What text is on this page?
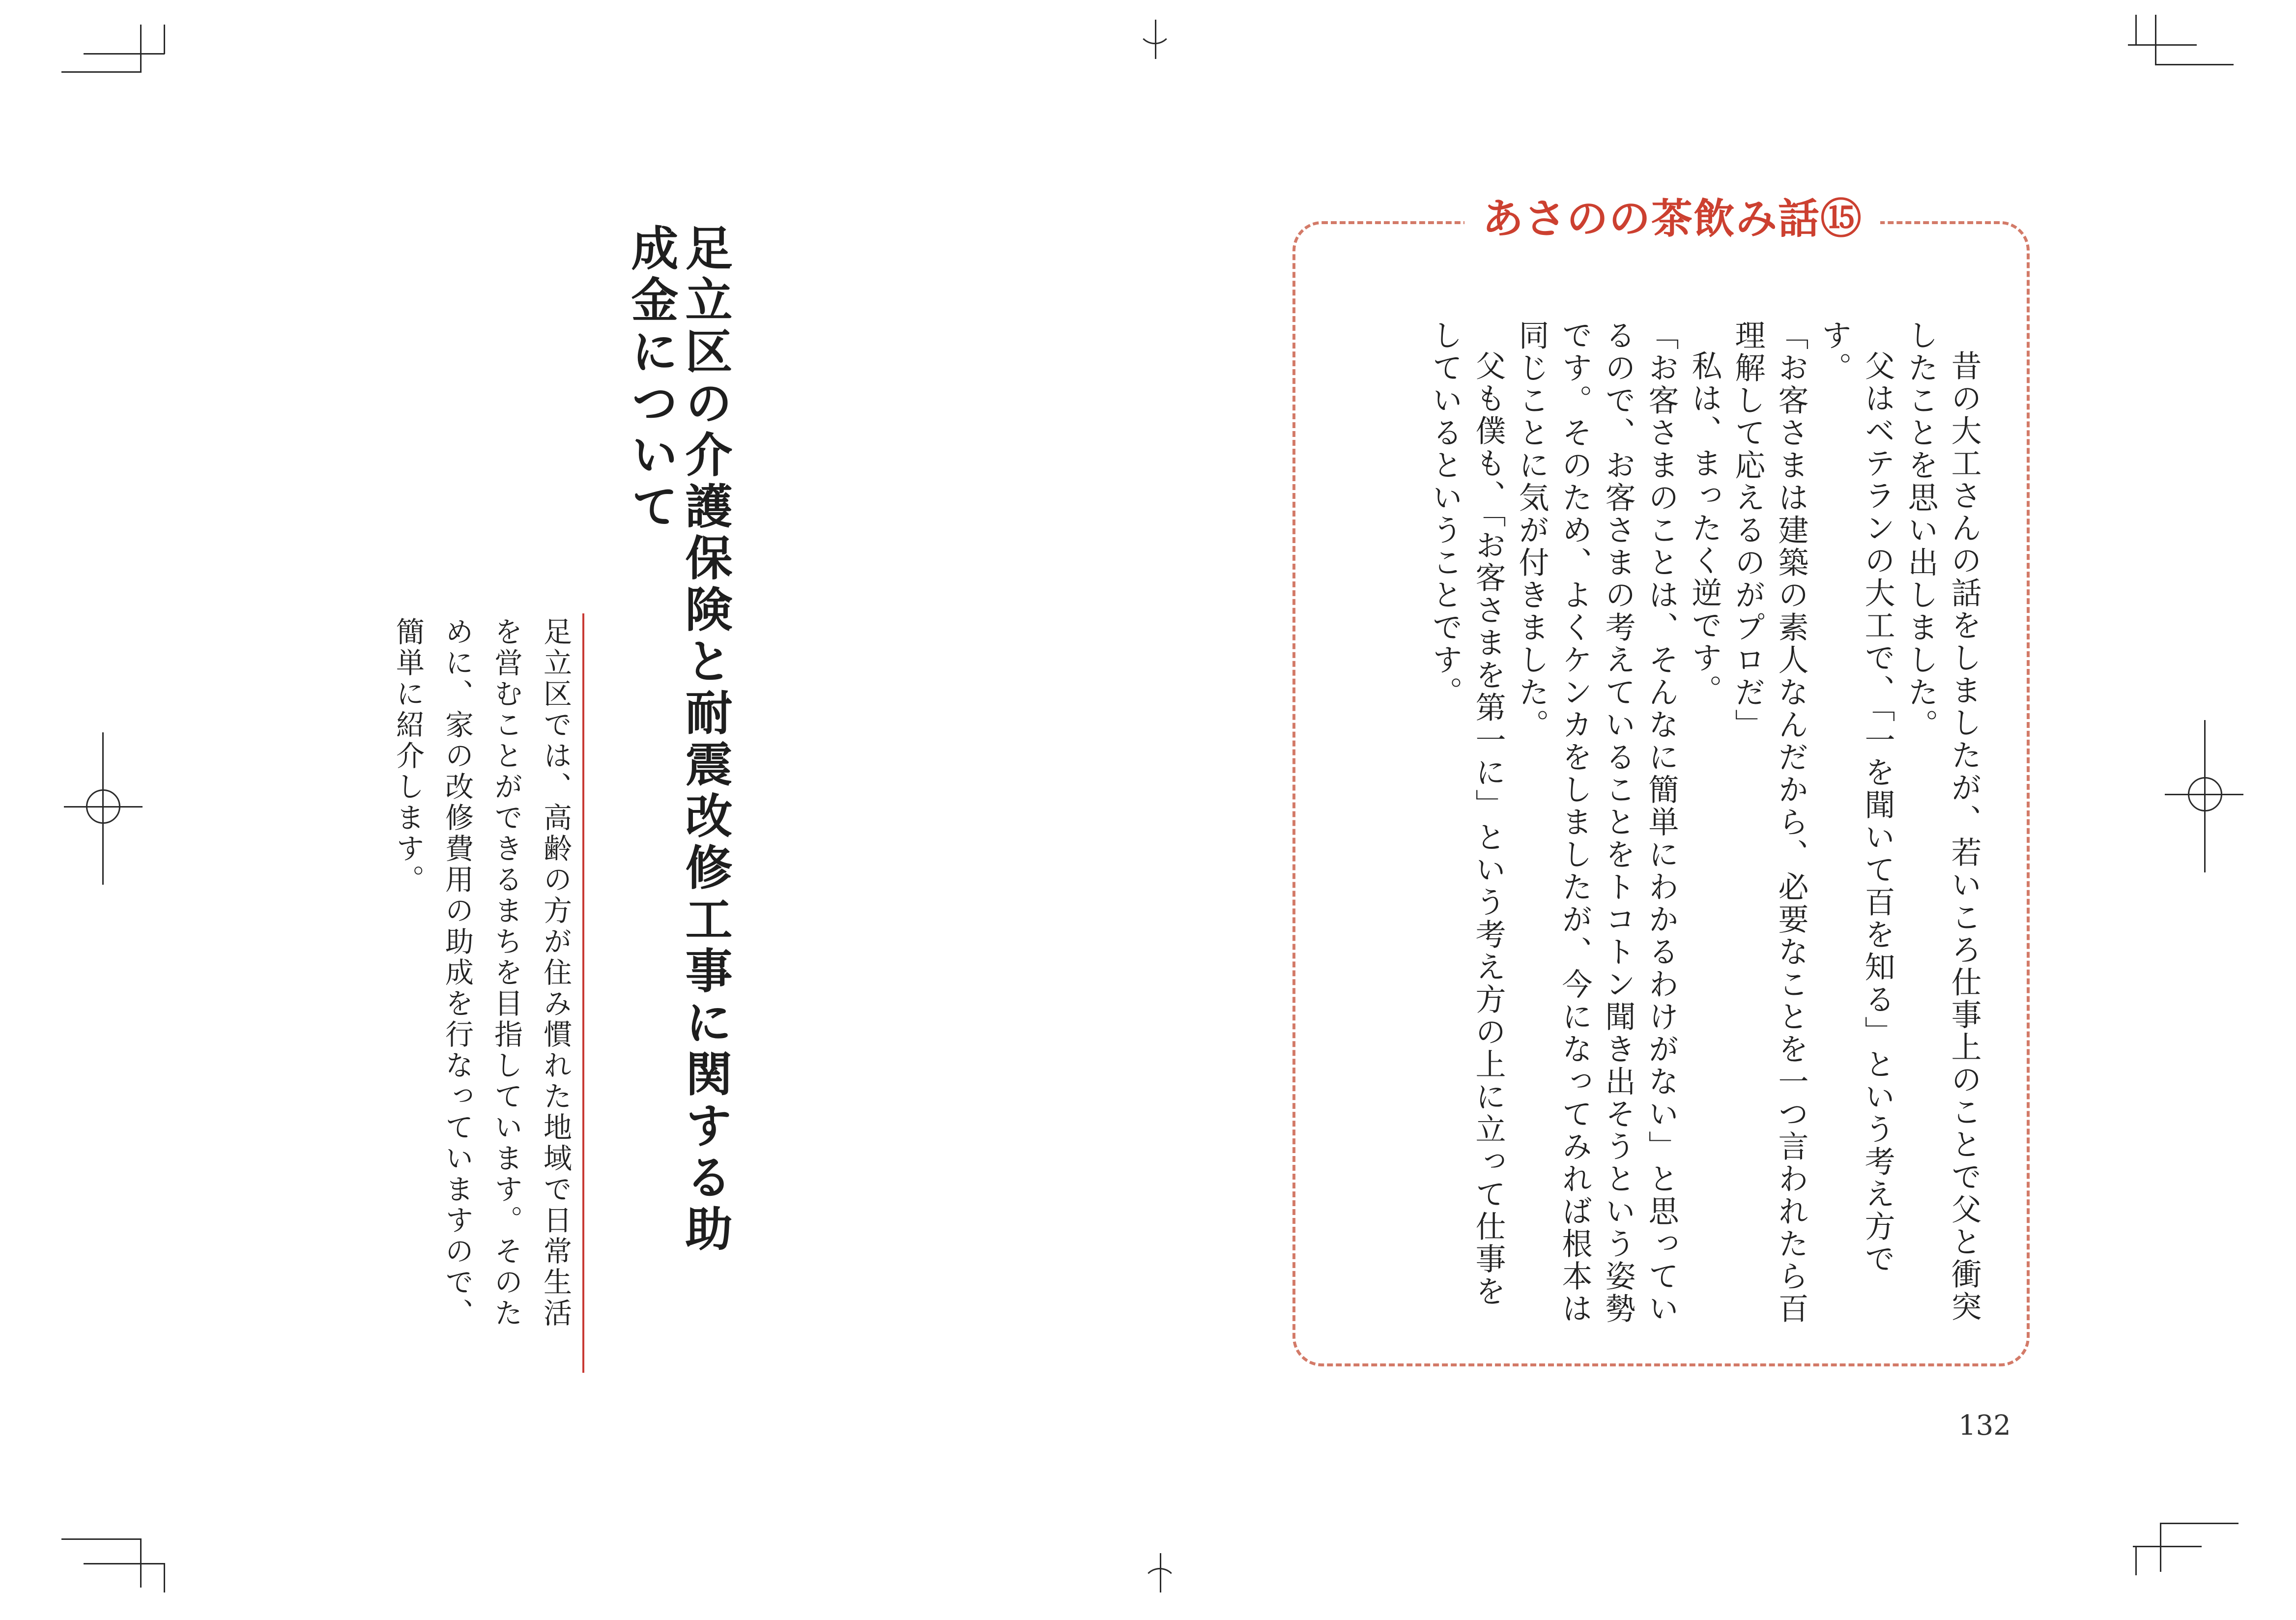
あさのの茶飲み話⑮

昔の大工さんの話をしましたが、若いころ仕事上のことで父と衝突したことを思い出しました。

父はベテランの大工で、「一を聞いて百を知る」という考え方です。

「お客さまは建築の素人なんだから、必要なことを一つ言われたら百理解して応えるのがプロだ」

私は、まったく逆です。

「お客さまのことは、そんなに簡単にわかるわけがない」と思っているので、お客さまの考えていることをトコトン聞き出そうという姿勢です。そのため、よくケンカをしましたが、今になってみれば根本は同じことに気が付きました。

父も僕も、「お客さまを第一に」という考え方の上に立って仕事をしているということです。

132
足立区の介護保険と耐震改修工事に関する助成金について

足立区では、高齢の方が住み慣れた地域で日常生活を営むことができるまちを目指しています。そのために、家の改修費用の助成を行なっていますので、簡単に紹介します。
